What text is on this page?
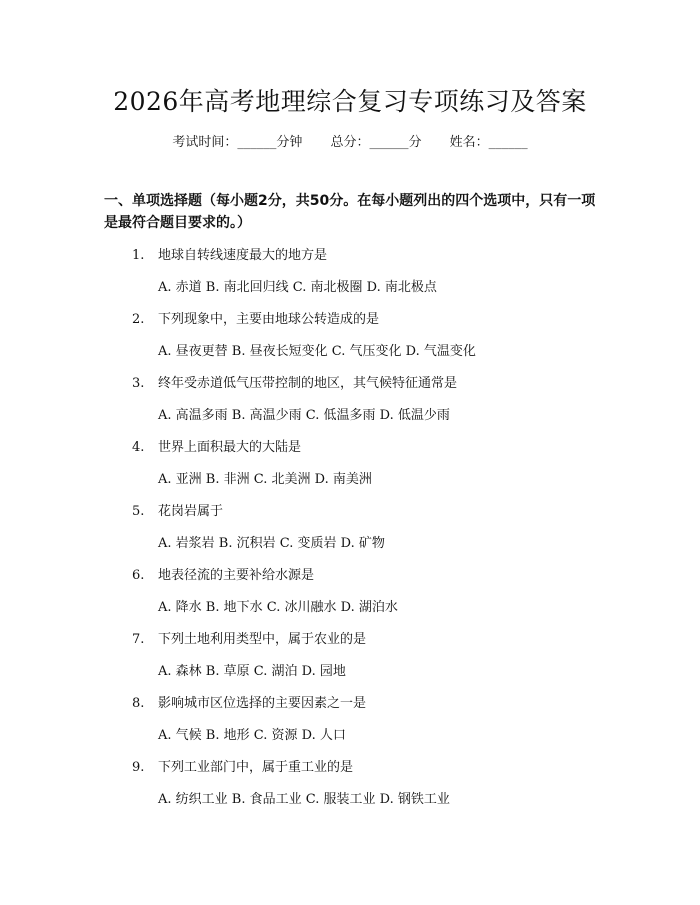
2026年高考地理综合复习专项练习及答案
考试时间：______分钟 总分：______分 姓名：______
一、单项选择题（每小题2分，共50分。在每小题列出的四个选项中，只有一项是最符合题目要求的。）
1. 地球自转线速度最大的地方是
A. 赤道 B. 南北回归线 C. 南北极圈 D. 南北极点
2. 下列现象中，主要由地球公转造成的是
A. 昼夜更替 B. 昼夜长短变化 C. 气压变化 D. 气温变化
3. 终年受赤道低气压带控制的地区，其气候特征通常是
A. 高温多雨 B. 高温少雨 C. 低温多雨 D. 低温少雨
4. 世界上面积最大的大陆是
A. 亚洲 B. 非洲 C. 北美洲 D. 南美洲
5. 花岗岩属于
A. 岩浆岩 B. 沉积岩 C. 变质岩 D. 矿物
6. 地表径流的主要补给水源是
A. 降水 B. 地下水 C. 冰川融水 D. 湖泊水
7. 下列土地利用类型中，属于农业的是
A. 森林 B. 草原 C. 湖泊 D. 园地
8. 影响城市区位选择的主要因素之一是
A. 气候 B. 地形 C. 资源 D. 人口
9. 下列工业部门中，属于重工业的是
A. 纺织工业 B. 食品工业 C. 服装工业 D. 钢铁工业
